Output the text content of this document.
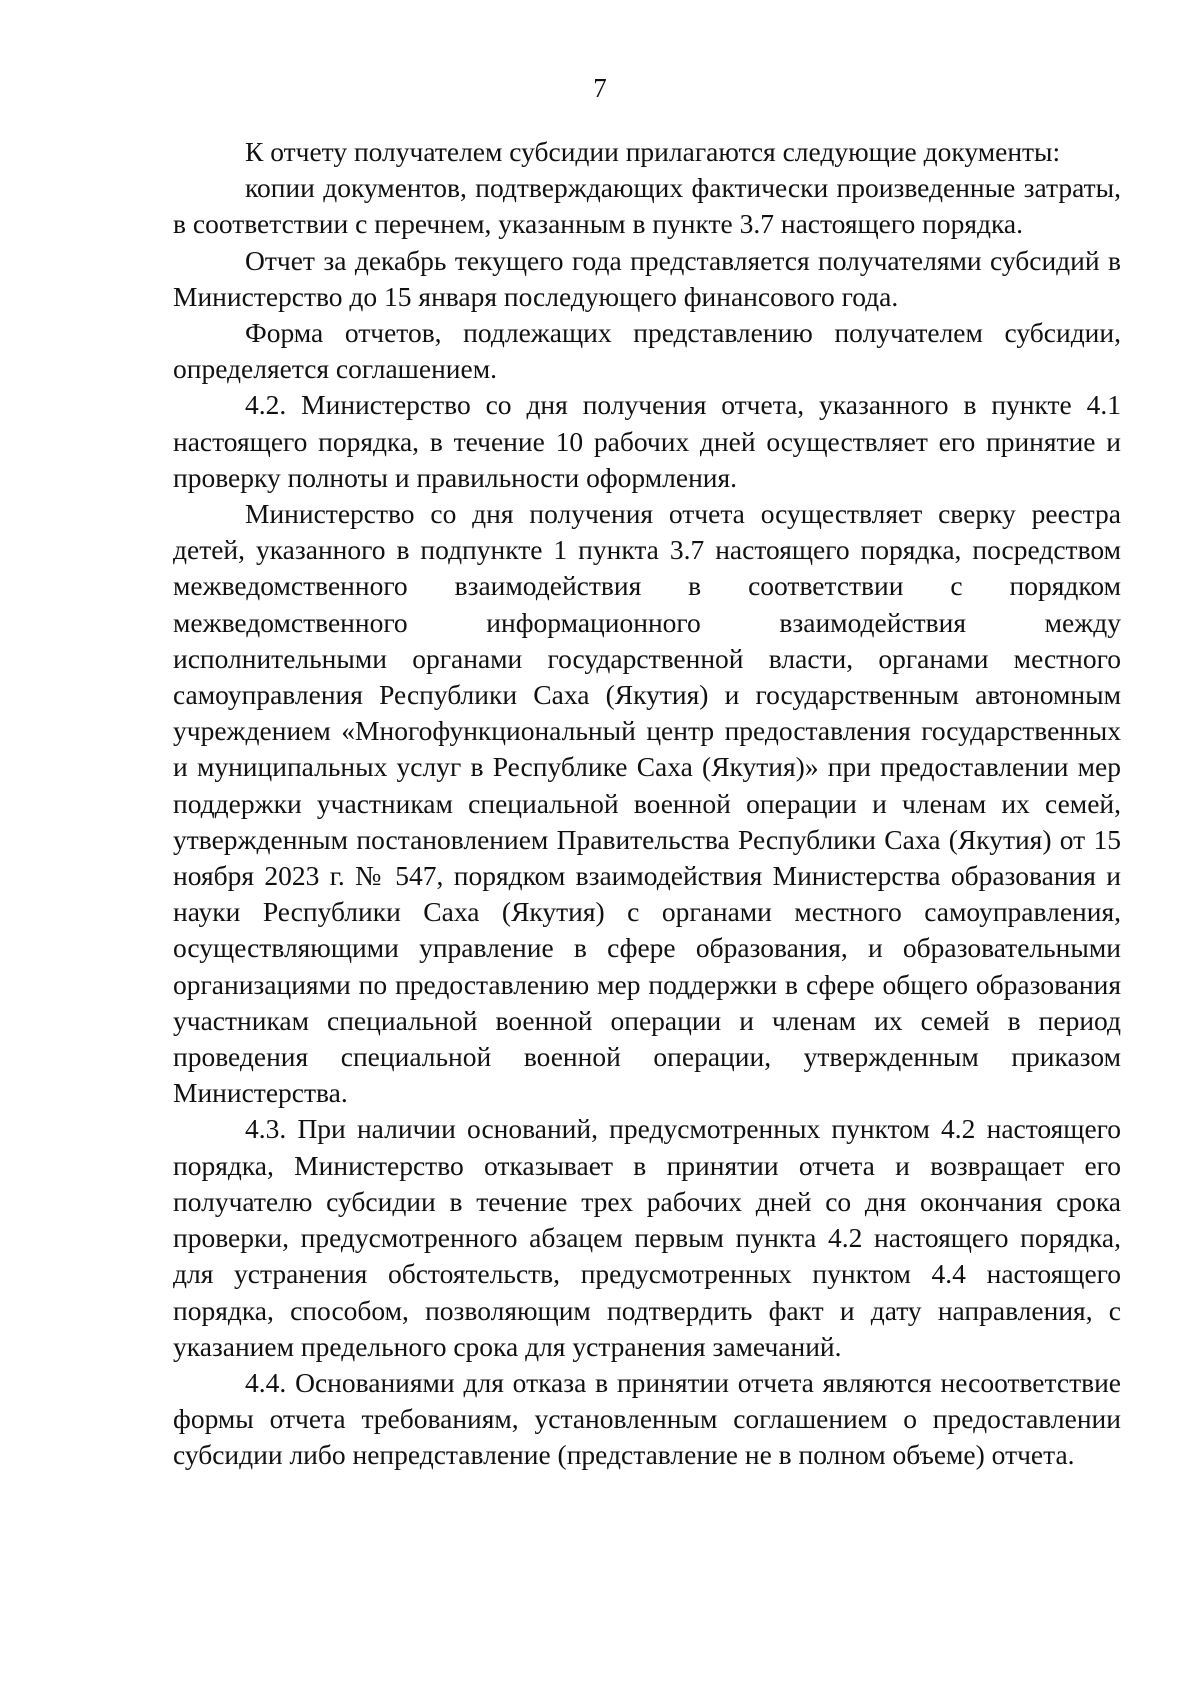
7

К отчету получателем субсидии прилагаются следующие документы:

копии документов, подтверждающих фактически произведенные затраты, в соответствии с перечнем, указанным в пункте 3.7 настоящего порядка.

Отчет за декабрь текущего года представляется получателями субсидий в Министерство до 15 января последующего финансового года.

Форма отчетов, подлежащих представлению получателем субсидии, определяется соглашением.

4.2. Министерство со дня получения отчета, указанного в пункте 4.1 настоящего порядка, в течение 10 рабочих дней осуществляет его принятие и проверку полноты и правильности оформления.

Министерство со дня получения отчета осуществляет сверку реестра детей, указанного в подпункте 1 пункта 3.7 настоящего порядка, посредством межведомственного взаимодействия в соответствии с порядком межведомственного информационного взаимодействия между исполнительными органами государственной власти, органами местного самоуправления Республики Саха (Якутия) и государственным автономным учреждением «Многофункциональный центр предоставления государственных и муниципальных услуг в Республике Саха (Якутия)» при предоставлении мер поддержки участникам специальной военной операции и членам их семей, утвержденным постановлением Правительства Республики Саха (Якутия) от 15 ноября 2023 г. № 547, порядком взаимодействия Министерства образования и науки Республики Саха (Якутия) с органами местного самоуправления, осуществляющими управление в сфере образования, и образовательными организациями по предоставлению мер поддержки в сфере общего образования участникам специальной военной операции и членам их семей в период проведения специальной военной операции, утвержденным приказом Министерства.

4.3. При наличии оснований, предусмотренных пунктом 4.2 настоящего порядка, Министерство отказывает в принятии отчета и возвращает его получателю субсидии в течение трех рабочих дней со дня окончания срока проверки, предусмотренного абзацем первым пункта 4.2 настоящего порядка, для устранения обстоятельств, предусмотренных пунктом 4.4 настоящего порядка, способом, позволяющим подтвердить факт и дату направления, с указанием предельного срока для устранения замечаний.

4.4. Основаниями для отказа в принятии отчета являются несоответствие формы отчета требованиям, установленным соглашением о предоставлении субсидии либо непредставление (представление не в полном объеме) отчета.
